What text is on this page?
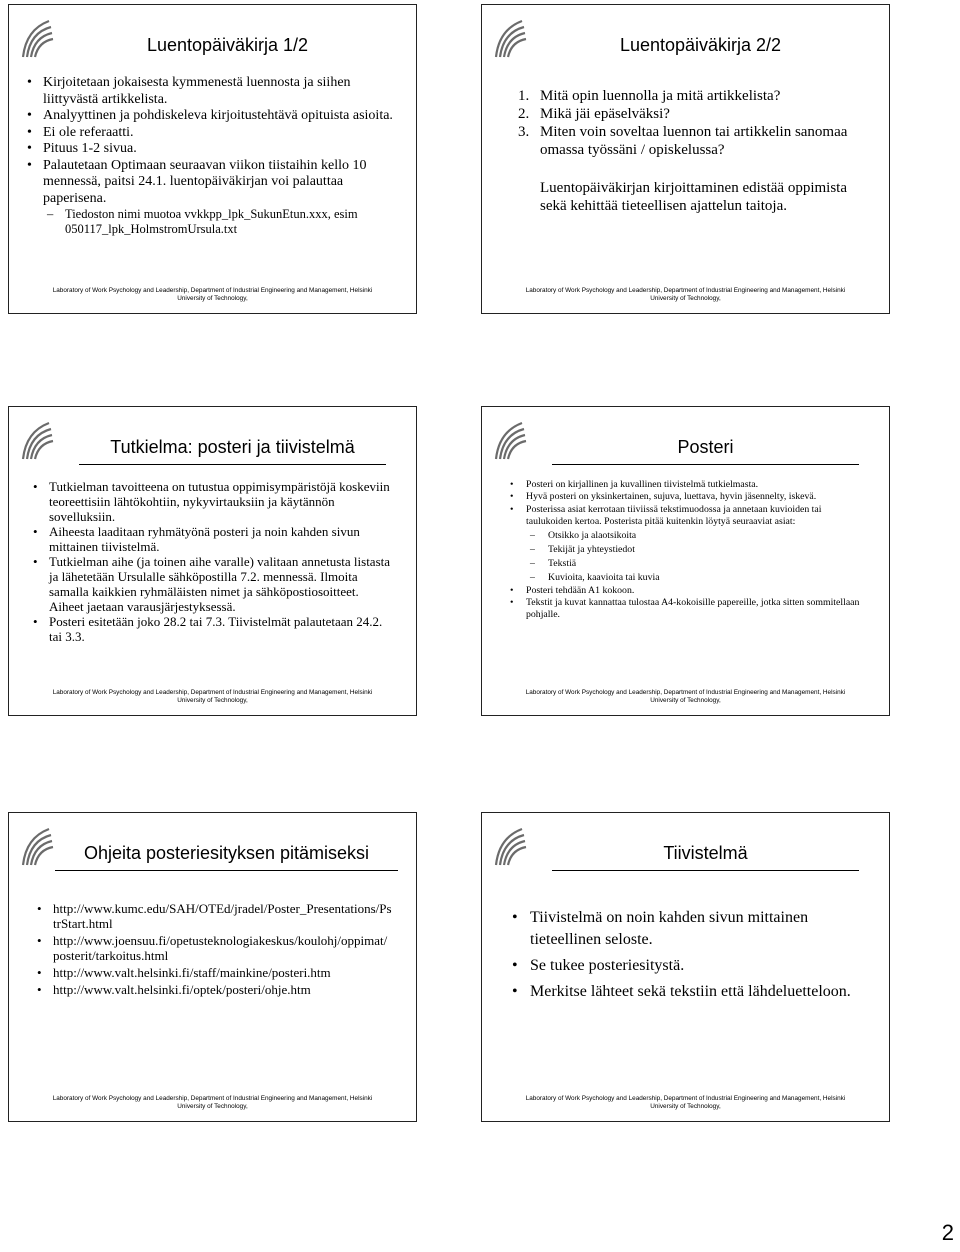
Luentopäiväkirja 1/2
• Kirjoitetaan jokaisesta kymmenestä luennosta ja siihen liittyvästä artikkelista.
• Analyyttinen ja pohdiskeleva kirjoitustehtävä opituista asioita.
• Ei ole referaatti.
• Pituus 1-2 sivua.
• Palautetaan Optimaan seuraavan viikon tiistaihin kello 10 mennessä, paitsi 24.1. luentopäiväkirjan voi palauttaa paperisena.
– Tiedoston nimi muotoa vvkkpp_lpk_SukunEtun.xxx, esim 050117_lpk_HolmstromUrsula.txt
Laboratory of Work Psychology and Leadership, Department of Industrial Engineering and Management, Helsinki
University of Technology,
Luentopäiväkirja 2/2
1. Mitä opin luennolla ja mitä artikkelista?
2. Mikä jäi epäselväksi?
3. Miten voin soveltaa luennon tai artikkelin sanomaa omassa työssäni / opiskelussa?
Luentopäiväkirjan kirjoittaminen edistää oppimista sekä kehittää tieteellisen ajattelun taitoja.
Laboratory of Work Psychology and Leadership, Department of Industrial Engineering and Management, Helsinki
University of Technology,
Tutkielma: posteri ja tiivistelmä
• Tutkielman tavoitteena on tutustua oppimisympäristöjä koskeviin teoreettisiin lähtökohtiin, nykyvirtauksiin ja käytännön sovelluksiin.
• Aiheesta laaditaan ryhmätyönä posteri ja noin kahden sivun mittainen tiivistelmä.
• Tutkielman aihe (ja toinen aihe varalle) valitaan annetusta listasta ja lähetetään Ursulalle sähköpostilla 7.2. mennessä. Ilmoita samalla kaikkien ryhmäläisten nimet ja sähköpostiosoitteet. Aiheet jaetaan varausjärjestyksessä.
• Posteri esitetään joko 28.2 tai 7.3. Tiivistelmät palautetaan 24.2. tai 3.3.
Laboratory of Work Psychology and Leadership, Department of Industrial Engineering and Management, Helsinki
University of Technology,
Posteri
• Posteri on kirjallinen ja kuvallinen tiivistelmä tutkielmasta.
• Hyvä posteri on yksinkertainen, sujuva, luettava, hyvin jäsennelty, iskevä.
• Posterissa asiat kerrotaan tiiviissä tekstimuodossa ja annetaan kuvioiden tai taulukoiden kertoa. Posterista pitää kuitenkin löytyä seuraaviat asiat:
– Otsikko ja alaotsikoita
– Tekijät ja yhteystiedot
– Tekstiä
– Kuvioita, kaavioita tai kuvia
• Posteri tehdään A1 kokoon.
• Tekstit ja kuvat kannattaa tulostaa A4-kokoisille papereille, jotka sitten sommitellaan pohjalle.
Laboratory of Work Psychology and Leadership, Department of Industrial Engineering and Management, Helsinki
University of Technology,
Ohjeita posteriesityksen pitämiseksi
• http://www.kumc.edu/SAH/OTEd/jradel/Poster_Presentations/PstrStart.html
• http://www.joensuu.fi/opetusteknologiakeskus/koulohj/oppimat/posterit/tarkoitus.html
• http://www.valt.helsinki.fi/staff/mainkine/posteri.htm
• http://www.valt.helsinki.fi/optek/posteri/ohje.htm
Laboratory of Work Psychology and Leadership, Department of Industrial Engineering and Management, Helsinki
University of Technology,
Tiivistelmä
• Tiivistelmä on noin kahden sivun mittainen tieteellinen seloste.
• Se tukee posteriesitystä.
• Merkitse lähteet sekä tekstiin että lähdeluetteloon.
Laboratory of Work Psychology and Leadership, Department of Industrial Engineering and Management, Helsinki
University of Technology,
2
